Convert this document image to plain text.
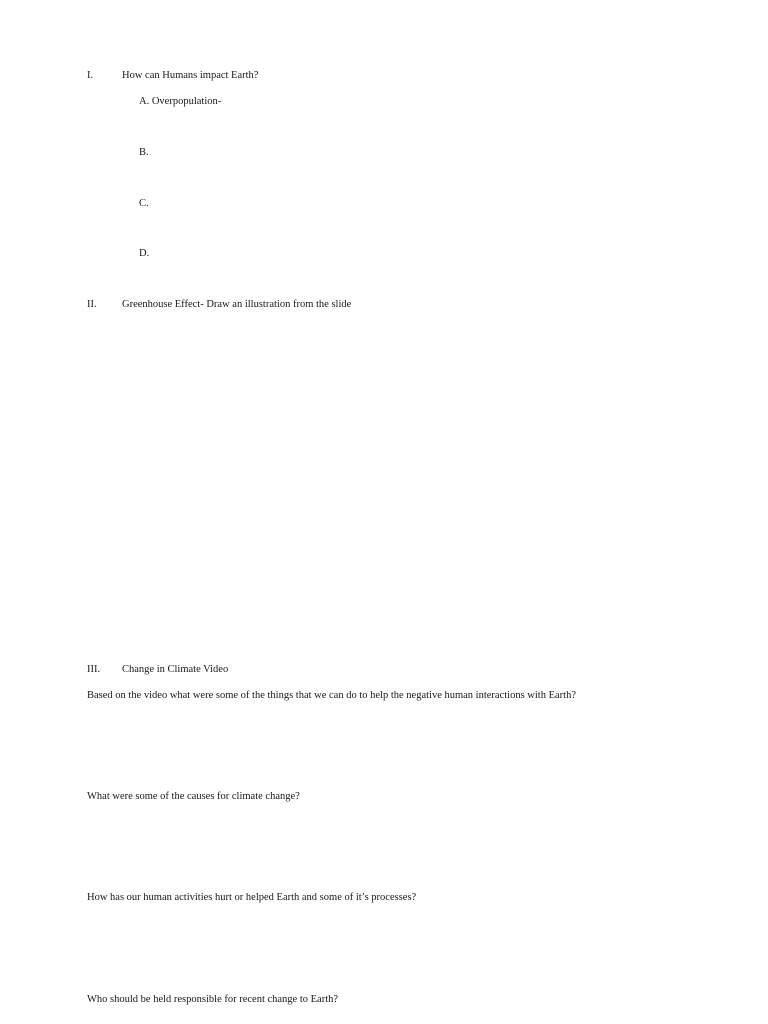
I.	How can Humans impact Earth?
A. Overpopulation-
B.
C.
D.
II. Greenhouse Effect- Draw an illustration from the slide
III. Change in Climate Video
Based on the video what were some of the things that we can do to help the negative human interactions with Earth?
What were some of the causes for climate change?
How has our human activities hurt or helped Earth and some of it’s processes?
Who should be held responsible for recent change to Earth?
